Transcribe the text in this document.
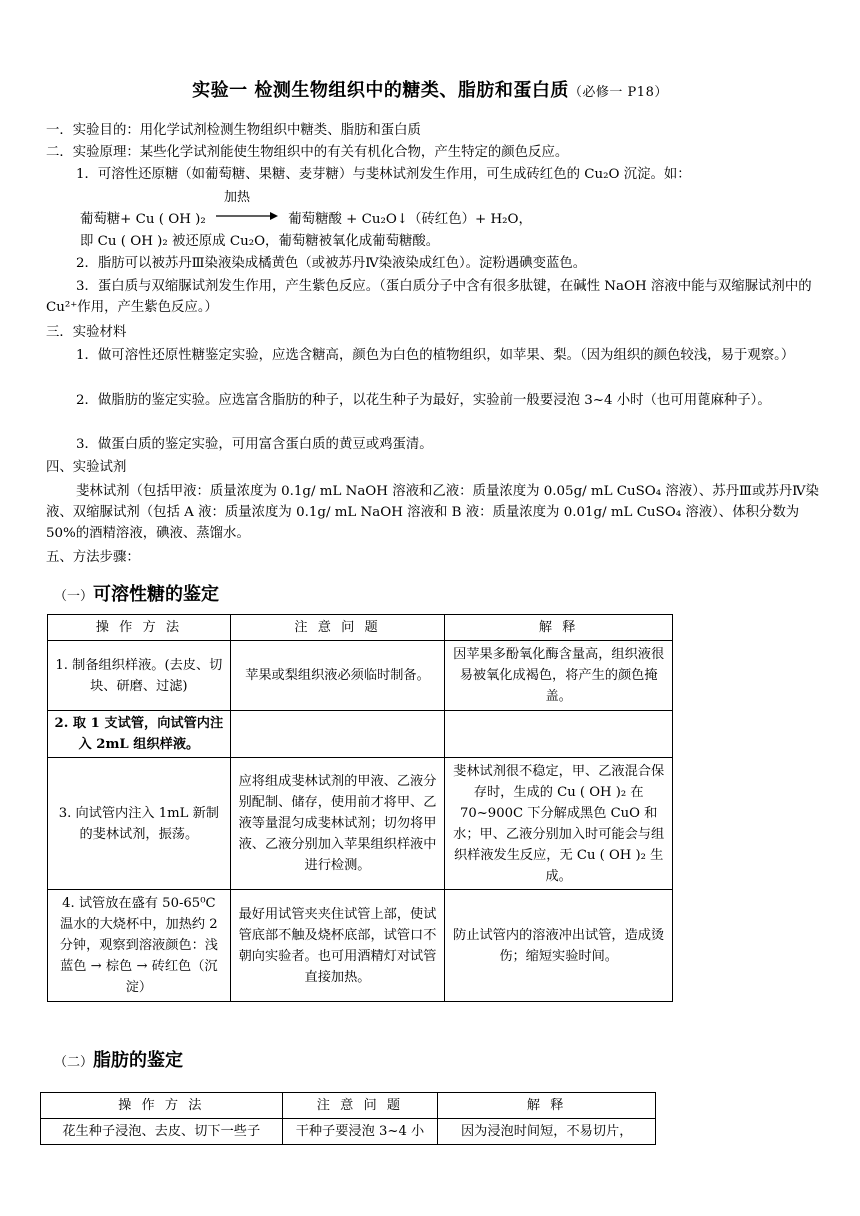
实验一 检测生物组织中的糖类、脂肪和蛋白质（必修一 P18）
一．实验目的：用化学试剂检测生物组织中糖类、脂肪和蛋白质
二．实验原理：某些化学试剂能使生物组织中的有关有机化合物，产生特定的颜色反应。
1．可溶性还原糖（如葡萄糖、果糖、麦芽糖）与斐林试剂发生作用，可生成砖红色的 Cu₂O 沉淀。如：
葡萄糖+ Cu ( OH )₂
加热
葡萄糖酸 + Cu₂O↓（砖红色）+ H₂O，
即 Cu ( OH )₂ 被还原成 Cu₂O，葡萄糖被氧化成葡萄糖酸。
2．脂肪可以被苏丹Ⅲ染液染成橘黄色（或被苏丹Ⅳ染液染成红色）。淀粉遇碘变蓝色。
3．蛋白质与双缩脲试剂发生作用，产生紫色反应。（蛋白质分子中含有很多肽键，在碱性 NaOH 溶液中能与双缩脲试剂中的 Cu²⁺作用，产生紫色反应。）
三．实验材料
1．做可溶性还原性糖鉴定实验，应选含糖高，颜色为白色的植物组织，如苹果、梨。（因为组织的颜色较浅，易于观察。）
2．做脂肪的鉴定实验。应选富含脂肪的种子，以花生种子为最好，实验前一般要浸泡 3~4 小时（也可用蓖麻种子）。
3．做蛋白质的鉴定实验，可用富含蛋白质的黄豆或鸡蛋清。
四、实验试剂
斐林试剂（包括甲液：质量浓度为 0.1g/ mL NaOH 溶液和乙液：质量浓度为 0.05g/ mL CuSO₄ 溶液）、苏丹Ⅲ或苏丹Ⅳ染液、双缩脲试剂（包括 A 液：质量浓度为 0.1g/ mL NaOH 溶液和 B 液：质量浓度为 0.01g/ mL CuSO₄ 溶液）、体积分数为 50%的酒精溶液，碘液、蒸馏水。
五、方法步骤：
（一）可溶性糖的鉴定
操 作 方 法	注 意 问 题	解 释
1. 制备组织样液。(去皮、切块、研磨、过滤)	苹果或梨组织液必须临时制备。	因苹果多酚氧化酶含量高，组织液很易被氧化成褐色，将产生的颜色掩盖。
2. 取 1 支试管，向试管内注入 2mL 组织样液。		
3. 向试管内注入 1mL 新制的斐林试剂，振荡。	应将组成斐林试剂的甲液、乙液分别配制、储存，使用前才将甲、乙液等量混匀成斐林试剂；切勿将甲液、乙液分别加入苹果组织样液中进行检测。	斐林试剂很不稳定，甲、乙液混合保存时，生成的 Cu ( OH )₂ 在 70~900C 下分解成黑色 CuO 和水；甲、乙液分别加入时可能会与组织样液发生反应，无 Cu ( OH )₂ 生成。
4. 试管放在盛有 50-65⁰C 温水的大烧杯中，加热约 2 分钟，观察到溶液颜色：浅蓝色 → 棕色 → 砖红色（沉淀）	最好用试管夹夹住试管上部，使试管底部不触及烧杯底部，试管口不朝向实验者。也可用酒精灯对试管直接加热。	防止试管内的溶液冲出试管，造成烫伤；缩短实验时间。
（二）脂肪的鉴定
操 作 方 法	注 意 问 题	解 释
花生种子浸泡、去皮、切下一些子	干种子要浸泡 3~4 小	因为浸泡时间短，不易切片，
